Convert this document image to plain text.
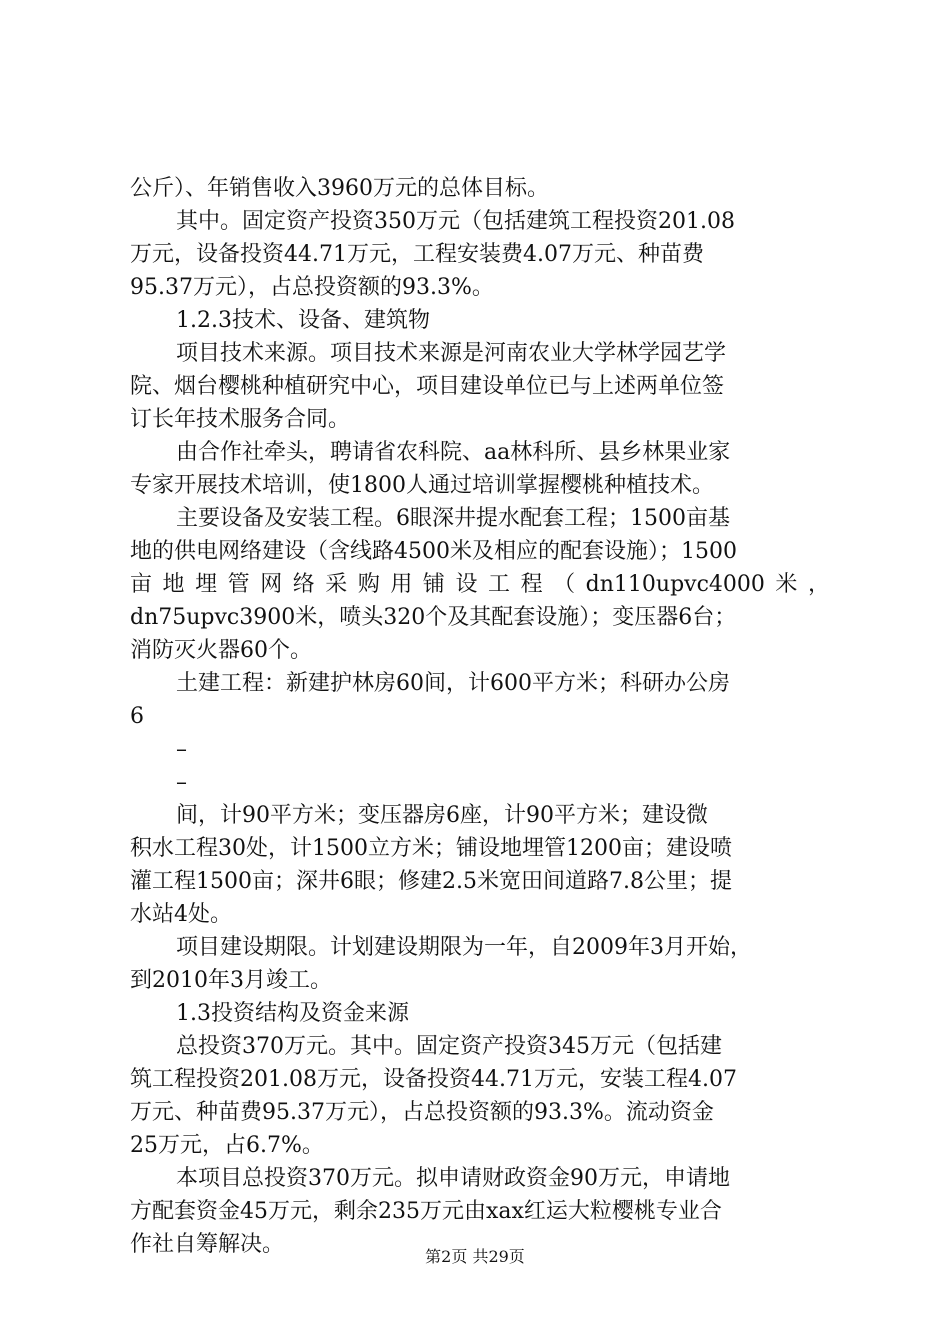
公斤）、年销售收入3960万元的总体目标。
其中。固定资产投资350万元（包括建筑工程投资201.08
万元，设备投资44.71万元，工程安装费4.07万元、种苗费
95.37万元），占总投资额的93.3%。
1.2.3技术、设备、建筑物
项目技术来源。项目技术来源是河南农业大学林学园艺学
院、烟台樱桃种植研究中心，项目建设单位已与上述两单位签
订长年技术服务合同。
由合作社牵头，聘请省农科院、aa林科所、县乡林果业家
专家开展技术培训，使1800人通过培训掌握樱桃种植技术。
主要设备及安装工程。6眼深井提水配套工程；1500亩基
地的供电网络建设（含线路4500米及相应的配套设施）；1500
亩 地 埋 管 网 络 采 购 用 铺 设 工 程 （ dn110upvc4000 米 ，
dn75upvc3900米，喷头320个及其配套设施）；变压器6台；
消防灭火器60个。
土建工程：新建护林房60间，计600平方米；科研办公房
6
–
–
间，计90平方米；变压器房6座，计90平方米；建设微
积水工程30处，计1500立方米；铺设地埋管1200亩；建设喷
灌工程1500亩；深井6眼；修建2.5米宽田间道路7.8公里；提
水站4处。
项目建设期限。计划建设期限为一年，自2009年3月开始，
到2010年3月竣工。
1.3投资结构及资金来源
总投资370万元。其中。固定资产投资345万元（包括建
筑工程投资201.08万元，设备投资44.71万元，安装工程4.07
万元、种苗费95.37万元），占总投资额的93.3%。流动资金
25万元，占6.7%。
本项目总投资370万元。拟申请财政资金90万元，申请地
方配套资金45万元，剩余235万元由xax红运大粒樱桃专业合
作社自筹解决。	第2页 共29页
